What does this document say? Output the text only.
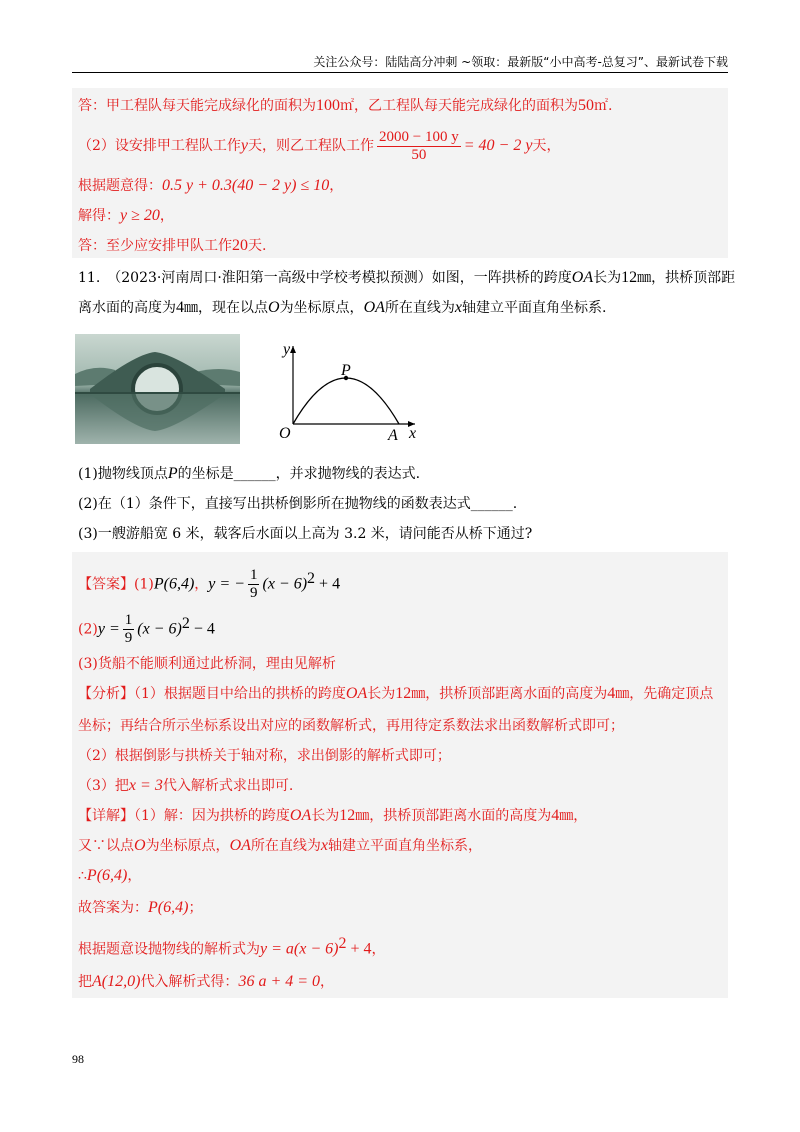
关注公众号：陆陆高分冲刺 ~领取：最新版“小中高考-总复习”、最新试卷下载
答：甲工程队每天能完成绿化的面积为100㎡，乙工程队每天能完成绿化的面积为50㎡.
（2）设安排甲工程队工作y天，则乙工程队工作 $\frac{2000 - 100 y}{50} = 40 - 2$ y天，
根据题意得：0.5 y + 0.3(40 − 2 y) ≤ 10，
解得：y ≥ 20，
答：至少应安排甲队工作20天.
11.　（2023·河南周口·淮阳第一高级中学校考模拟预测）如图，一阵拱桥的跨度OA长为12㎜，拱桥顶部距
离水面的高度为4㎜，现在以点O为坐标原点，OA所在直线为x轴建立平面直角坐标系.
y
x
O	A
P
(1)抛物线顶点P的坐标是______，并求抛物线的表达式.
(2)在（1）条件下，直接写出拱桥倒影所在抛物线的函数表达式______.
(3)一艘游船宽 6 米，载客后水面以上高为 3.2 米，请问能否从桥下通过?
【答案】(1)P(6,4)，y = − $\frac{1}{9} (x - 6)^2 + 4$
$(2)y = \frac{1}{9} (x - 6)^2 - 4$
(3)货船不能顺利通过此桥洞，理由见解析
【分析】（1）根据题目中给出的拱桥的跨度OA长为12㎜，拱桥顶部距离水面的高度为4㎜，先确定顶点
坐标；再结合所示坐标系设出对应的函数解析式，再用待定系数法求出函数解析式即可；
（2）根据倒影与拱桥关于轴对称，求出倒影的解析式即可；
（3）把x = 3代入解析式求出即可.
【详解】（1）解：因为拱桥的跨度OA长为12㎜，拱桥顶部距离水面的高度为4㎜，
又∵以点O为坐标原点，OA所在直线为x轴建立平面直角坐标系，
∴P(6,4)，
故答案为：P(6,4)；
根据题意设抛物线的解析式为$y = a(x - 6)^2 + 4$，
把A(12,0)代入解析式得：36 a + 4 = 0，
98
